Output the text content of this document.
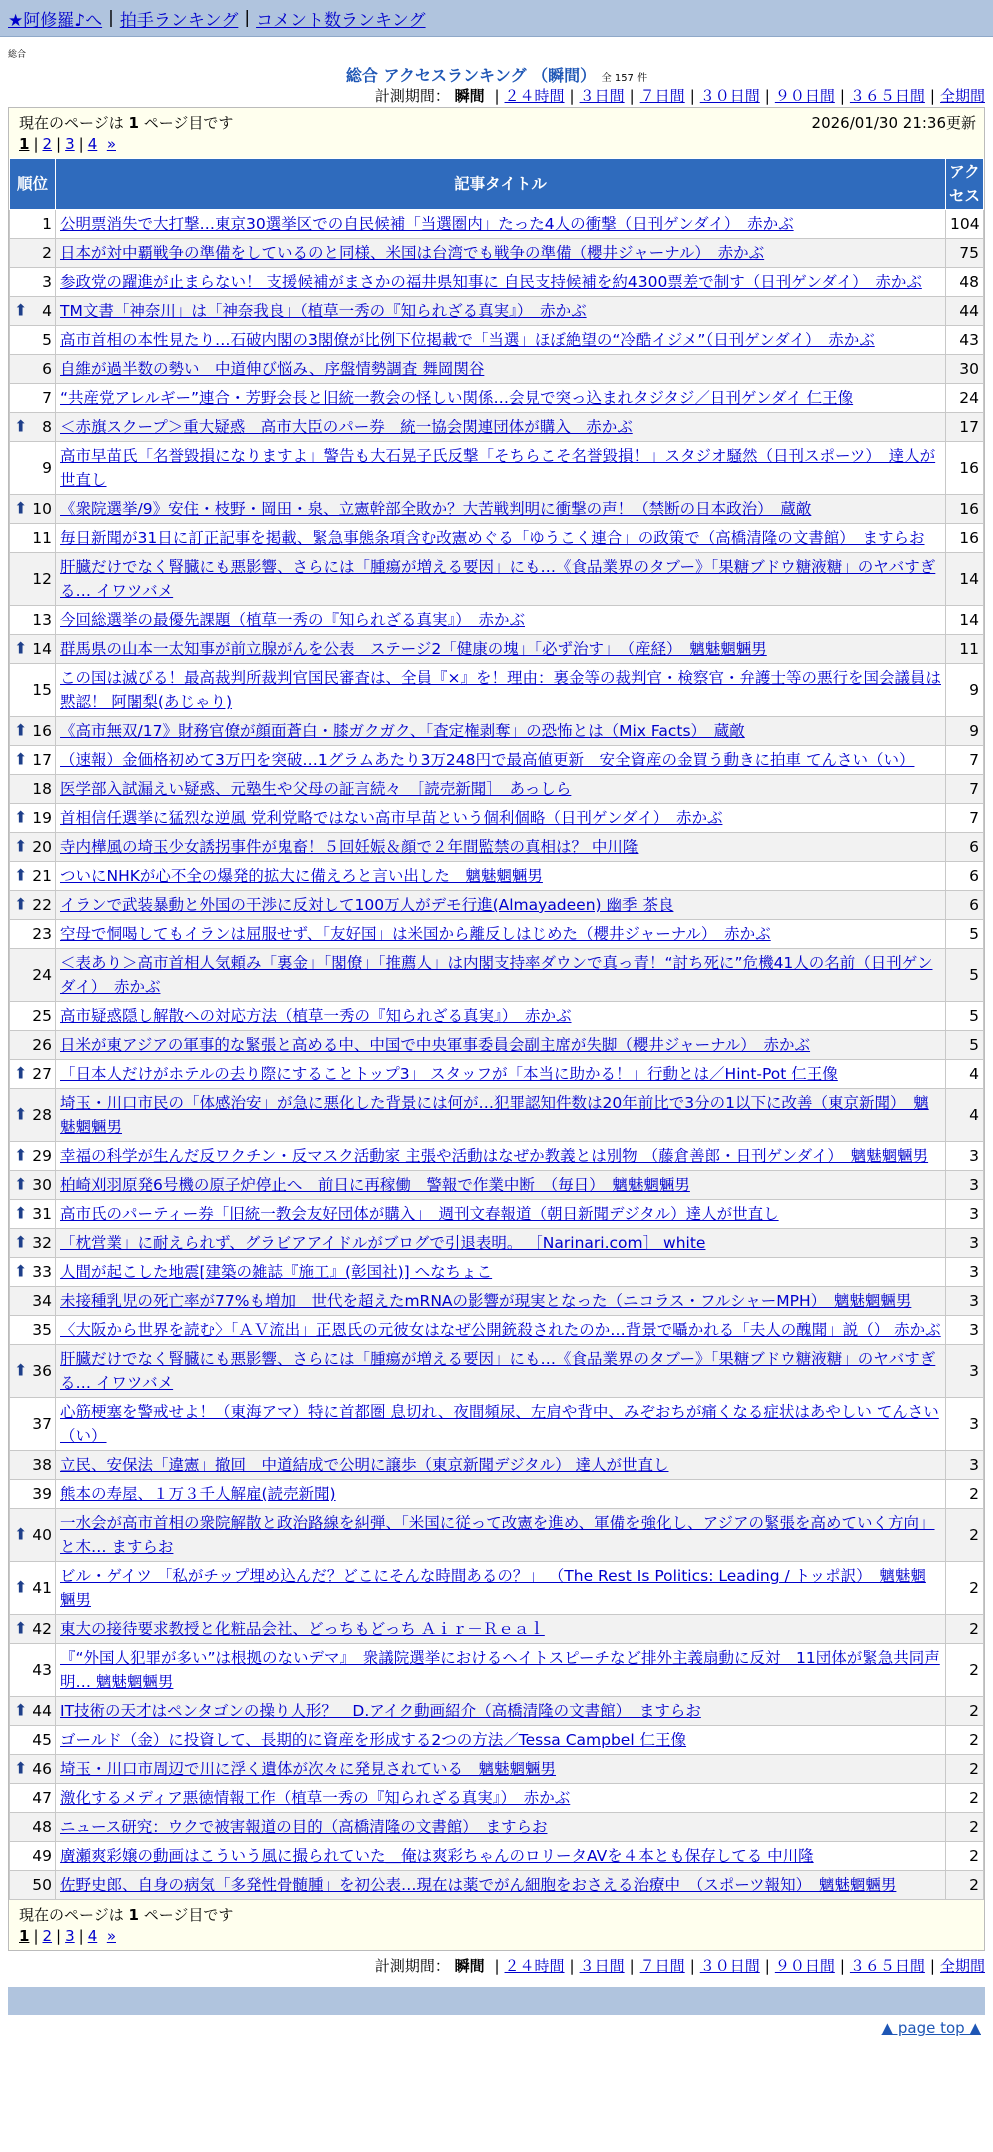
★阿修羅♪へ | 拍手ランキング | コメント数ランキング
総合
総合 アクセスランキング （瞬間） 全 157 件
計測期間： 瞬間 | ２４時間 | ３日間 | ７日間 | ３０日間 | ９０日間 | ３６５日間 | 全期間
現在のページは 1 ページ目です	2026/01/30 21:36更新
1 | 2 | 3 | 4 »
順位	記事タイトル	アクセス
1	公明票消失で大打撃…東京30選挙区での自民候補「当選圏内」たった4人の衝撃（日刊ゲンダイ）　赤かぶ	104
2	日本が対中覇戦争の準備をしているのと同様、米国は台湾でも戦争の準備（櫻井ジャーナル）　赤かぶ	75
3	参政党の躍進が止まらない！ 支援候補がまさかの福井県知事に 自民支持候補を約4300票差で制す（日刊ゲンダイ）　赤かぶ	48

⬆ 4	TM文書「神奈川」は「神奈我良」（植草一秀の『知られざる真実』）　赤かぶ	44
5	高市首相の本性見たり…石破内閣の3閣僚が比例下位掲載で「当選」ほぼ絶望の“冷酷イジメ”（日刊ゲンダイ）　赤かぶ	43
6	自維が過半数の勢い　中道伸び悩み、序盤情勢調査 舞岡関谷	30
7	“共産党アレルギー”連合・芳野会長と旧統一教会の怪しい関係…会見で突っ込まれタジタジ／日刊ゲンダイ 仁王像	24

⬆ 8	＜赤旗スクープ＞重大疑惑　高市大臣のパー券　統一協会関連団体が購入　赤かぶ	17
9	高市早苗氏「名誉毀損になりますよ」警告も大石晃子氏反撃「そちらこそ名誉毀損！」スタジオ騒然（日刊スポーツ）　達人が世直し	16

⬆ 10	《衆院選挙/9》安住・枝野・岡田・泉、立憲幹部全敗か？大苦戦判明に衝撃の声！（禁断の日本政治）　蔵敵	16
11	毎日新聞が31日に訂正記事を掲載、緊急事態条項含む改憲めぐる「ゆうこく連合」の政策で（高橋清隆の文書館）　ますらお	16
12	肝臓だけでなく腎臓にも悪影響、さらには「腫瘍が増える要因」にも…《食品業界のタブー》「果糖ブドウ糖液糖」のヤバすぎる… イワツバメ	14
13	今回総選挙の最優先課題（植草一秀の『知られざる真実』）　赤かぶ	14

⬆ 14	群馬県の山本一太知事が前立腺がんを公表　ステージ2「健康の塊」「必ず治す」　（産経）　魑魅魍魎男	11
15	この国は滅びる！最高裁判所裁判官国民審査は、全員『×』を！理由：裏金等の裁判官・検察官・弁護士等の悪行を国会議員は黙認！ 阿闍梨(あじゃり)	9

⬆ 16	《高市無双/17》財務官僚が顔面蒼白・膝ガクガク、「査定権剥奪」の恐怖とは（Mix Facts）　蔵敵	9

⬆ 17	（速報）金価格初めて3万円を突破…1グラムあたり3万248円で最高値更新　安全資産の金買う動きに拍車 てんさい（い）	7
18	医学部入試漏えい疑惑、元塾生や父母の証言続々　［読売新聞］　あっしら	7

⬆ 19	首相信任選挙に猛烈な逆風 党利党略ではない高市早苗という個利個略（日刊ゲンダイ）　赤かぶ	7

⬆ 20	寺内樺風の埼玉少女誘拐事件が鬼畜！５回妊娠＆顔で２年間監禁の真相は？ 中川隆	6

⬆ 21	ついにNHKが心不全の爆発的拡大に備えろと言い出した　魑魅魍魎男	6

⬆ 22	イランで武装暴動と外国の干渉に反対して100万人がデモ行進(Almayadeen) 幽季 茶良	6
23	空母で恫喝してもイランは屈服せず、「友好国」は米国から離反しはじめた（櫻井ジャーナル）　赤かぶ	5
24	＜表あり＞高市首相人気頼み「裏金」「閣僚」「推薦人」は内閣支持率ダウンで真っ青！“討ち死に”危機41人の名前（日刊ゲンダイ）　赤かぶ	5
25	高市疑惑隠し解散への対応方法（植草一秀の『知られざる真実』）　赤かぶ	5
26	日米が東アジアの軍事的な緊張と高める中、中国で中央軍事委員会副主席が失脚（櫻井ジャーナル）　赤かぶ	5

⬆ 27	「日本人だけがホテルの去り際にすることトップ3」 スタッフが「本当に助かる！」行動とは／Hint-Pot 仁王像	4

⬆ 28	埼玉・川口市民の「体感治安」が急に悪化した背景には何が…犯罪認知件数は20年前比で3分の1以下に改善（東京新聞）　魑魅魍魎男	4

⬆ 29	幸福の科学が生んだ反ワクチン・反マスク活動家 主張や活動はなぜか教義とは別物 （藤倉善郎・日刊ゲンダイ）　魑魅魍魎男	3

⬆ 30	柏崎刈羽原発6号機の原子炉停止へ　前日に再稼働　警報で作業中断　（毎日）　魑魅魍魎男	3

⬆ 31	高市氏のパーティー券「旧統一教会友好団体が購入」　週刊文春報道（朝日新聞デジタル）達人が世直し	3

⬆ 32	「枕営業」に耐えられず、グラビアアイドルがブログで引退表明。 ［Narinari.com］ white	3

⬆ 33	人間が起こした地震[建築の雑誌『施工』(彰国社)] へなちょこ	3
34	未接種乳児の死亡率が77%も増加　世代を超えたmRNAの影響が現実となった（ニコラス・フルシャーMPH）　魑魅魍魎男	3
35	〈大阪から世界を読む〉「ＡＶ流出」正恩氏の元彼女はなぜ公開銃殺されたのか…背景で囁かれる「夫人の醜聞」説（） 赤かぶ	3

⬆ 36	肝臓だけでなく腎臓にも悪影響、さらには「腫瘍が増える要因」にも…《食品業界のタブー》「果糖ブドウ糖液糖」のヤバすぎる… イワツバメ	3
37	心筋梗塞を警戒せよ！（東海アマ）特に首都圏 息切れ、夜間頻尿、左肩や背中、みぞおちが痛くなる症状はあやしい てんさい（い）	3
38	立民、安保法「違憲」撤回　中道結成で公明に譲歩（東京新聞デジタル） 達人が世直し	3
39	熊本の寿屋、１万３千人解雇(読売新聞)	2

⬆ 40	一水会が高市首相の衆院解散と政治路線を糾弾、「米国に従って改憲を進め、軍備を強化し、アジアの緊張を高めていく方向」と木… ますらお	2

⬆ 41	ビル・ゲイツ 「私がチップ埋め込んだ？どこにそんな時間あるの？」 （The Rest Is Politics: Leading / トッポ訳）　魑魅魍魎男	2

⬆ 42	東大の接待要求教授と化粧品会社、どっちもどっち Ａｉｒ－Ｒｅａｌ	2
43	『“外国人犯罪が多い”は根拠のないデマ』　衆議院選挙におけるヘイトスピーチなど排外主義扇動に反対　11団体が緊急共同声明… 魑魅魍魎男	2

⬆ 44	IT技術の天才はペンタゴンの操り人形？　D.アイク動画紹介（高橋清隆の文書館）　ますらお	2
45	ゴールド（金）に投資して、長期的に資産を形成する2つの方法／Tessa Campbel 仁王像	2

⬆ 46	埼玉・川口市周辺で川に浮く遺体が次々に発見されている　魑魅魍魎男	2
47	激化するメディア悪徳情報工作（植草一秀の『知られざる真実』）　赤かぶ	2
48	ニュース研究：ウクで被害報道の目的（高橋清隆の文書館）　ますらお	2
49	廣瀬爽彩嬢の動画はこういう風に撮られていた＿俺は爽彩ちゃんのロリータAVを４本とも保存してる 中川隆	2
50	佐野史郎、自身の病気「多発性骨髄腫」を初公表…現在は薬でがん細胞をおさえる治療中　（スポーツ報知）　魑魅魍魎男	2
現在のページは 1 ページ目です
1 | 2 | 3 | 4 »
計測期間： 瞬間 | ２４時間 | ３日間 | ７日間 | ３０日間 | ９０日間 | ３６５日間 | 全期間
▲ page top ▲
